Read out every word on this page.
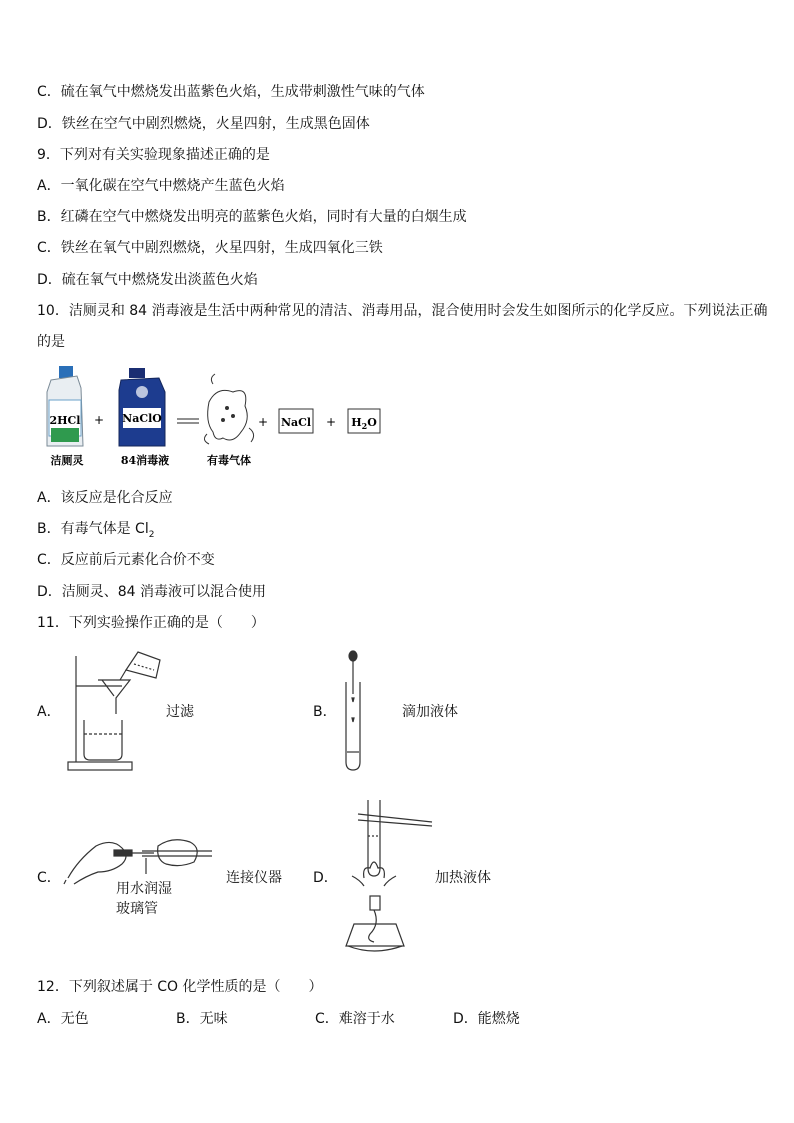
C．硫在氧气中燃烧发出蓝紫色火焰，生成带刺激性气味的气体
D．铁丝在空气中剧烈燃烧，火星四射，生成黑色固体
9．下列对有关实验现象描述正确的是
A．一氧化碳在空气中燃烧产生蓝色火焰
B．红磷在空气中燃烧发出明亮的蓝紫色火焰，同时有大量的白烟生成
C．铁丝在氧气中剧烈燃烧，火星四射，生成四氧化三铁
D．硫在氧气中燃烧发出淡蓝色火焰
10．洁厕灵和 84 消毒液是生活中两种常见的清洁、消毒用品，混合使用时会发生如图所示的化学反应。下列说法正确
的是
2HCl
洁厕灵
+ NaClO
84消毒液	有毒气体
+ NaCl + $H_2O$
A．该反应是化合反应
B．有毒气体是 $Cl_2$
C．反应前后元素化合价不变
D．洁厕灵、84 消毒液可以混合使用
11．下列实验操作正确的是（　　）
A．	过滤	B．	滴加液体
C．
用水润湿
玻璃管
连接仪器 D．	加热液体
12．下列叙述属于 CO 化学性质的是（　　）
A．无色	B．无味	C．难溶于水	D．能燃烧
